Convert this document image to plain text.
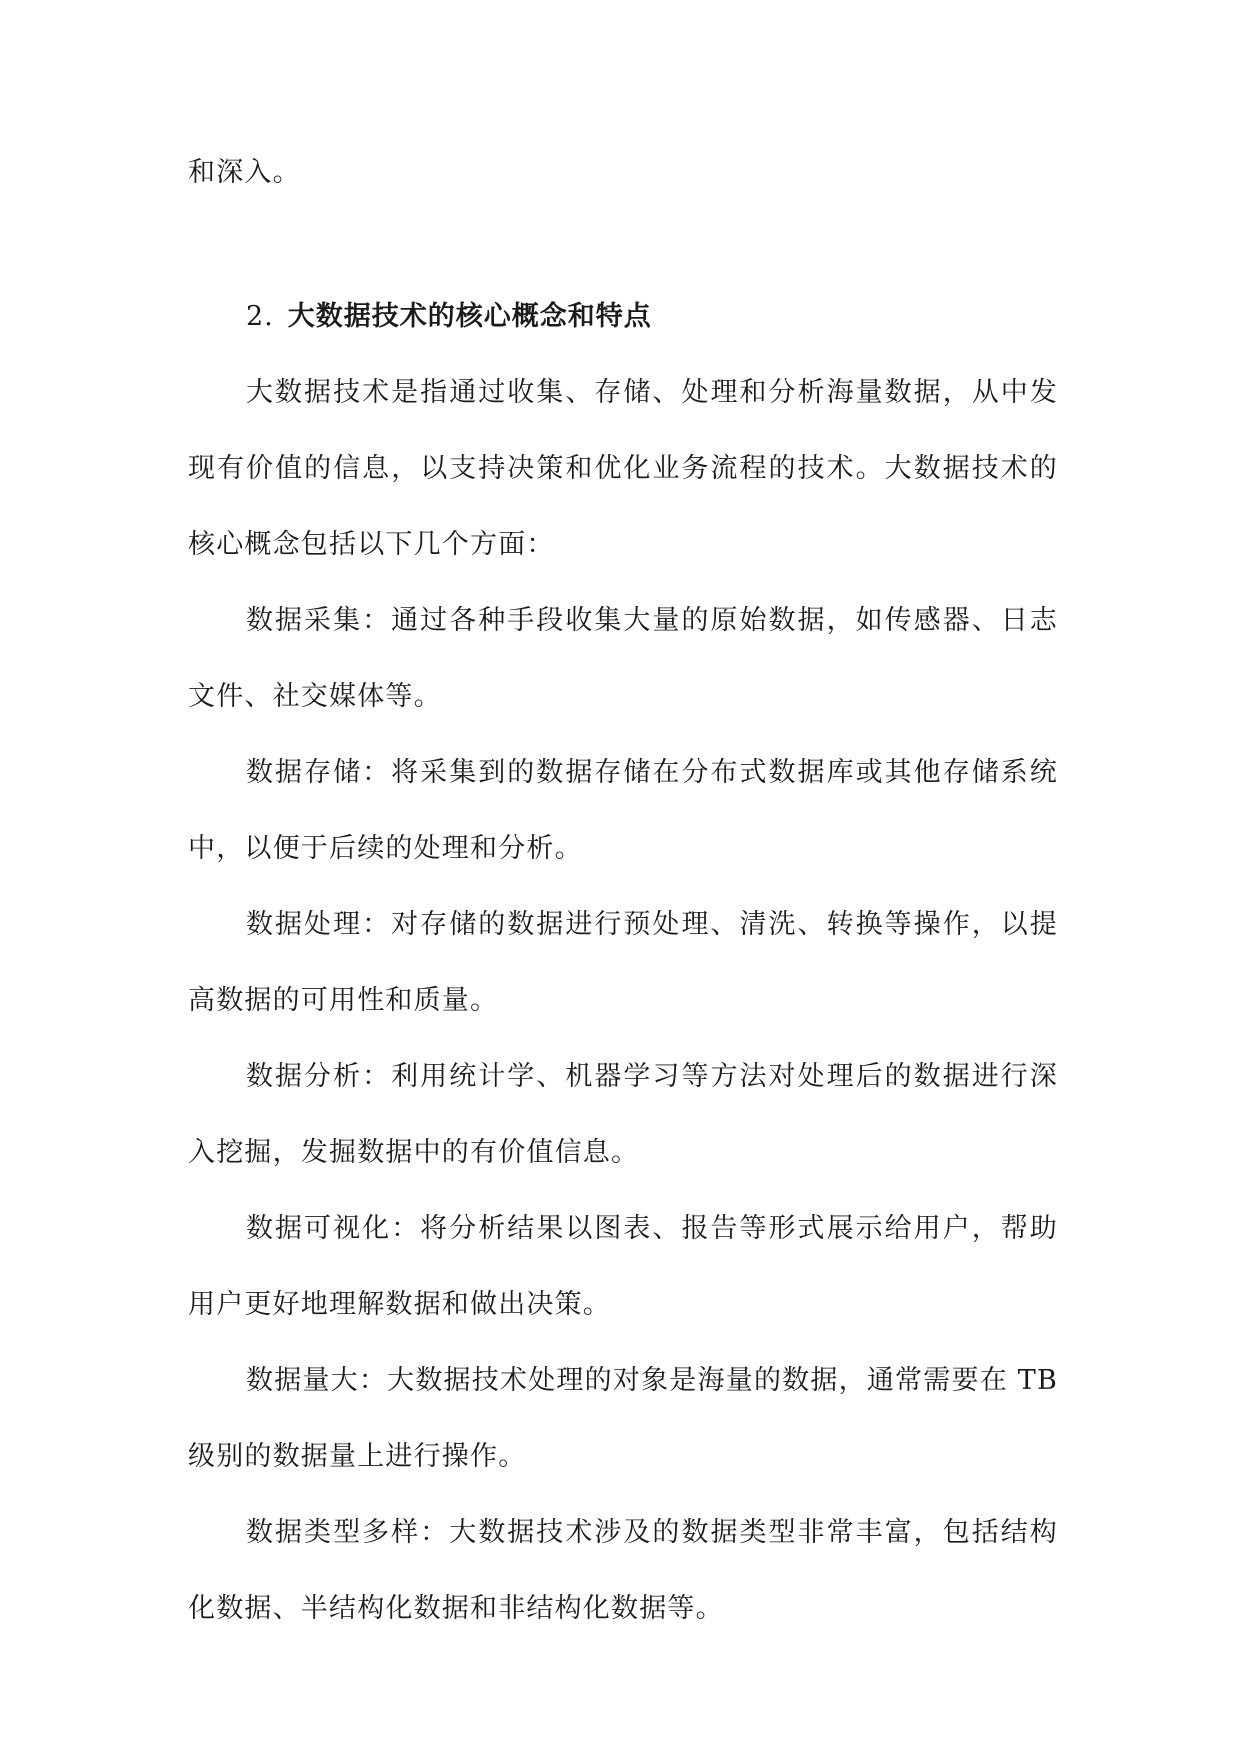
和深入。

2. 大数据技术的核心概念和特点

大数据技术是指通过收集、存储、处理和分析海量数据，从中发现有价值的信息，以支持决策和优化业务流程的技术。大数据技术的核心概念包括以下几个方面：

数据采集：通过各种手段收集大量的原始数据，如传感器、日志文件、社交媒体等。

数据存储：将采集到的数据存储在分布式数据库或其他存储系统中，以便于后续的处理和分析。

数据处理：对存储的数据进行预处理、清洗、转换等操作，以提高数据的可用性和质量。

数据分析：利用统计学、机器学习等方法对处理后的数据进行深入挖掘，发掘数据中的有价值信息。

数据可视化：将分析结果以图表、报告等形式展示给用户，帮助用户更好地理解数据和做出决策。

数据量大：大数据技术处理的对象是海量的数据，通常需要在 TB 级别的数据量上进行操作。

数据类型多样：大数据技术涉及的数据类型非常丰富，包括结构化数据、半结构化数据和非结构化数据等。
